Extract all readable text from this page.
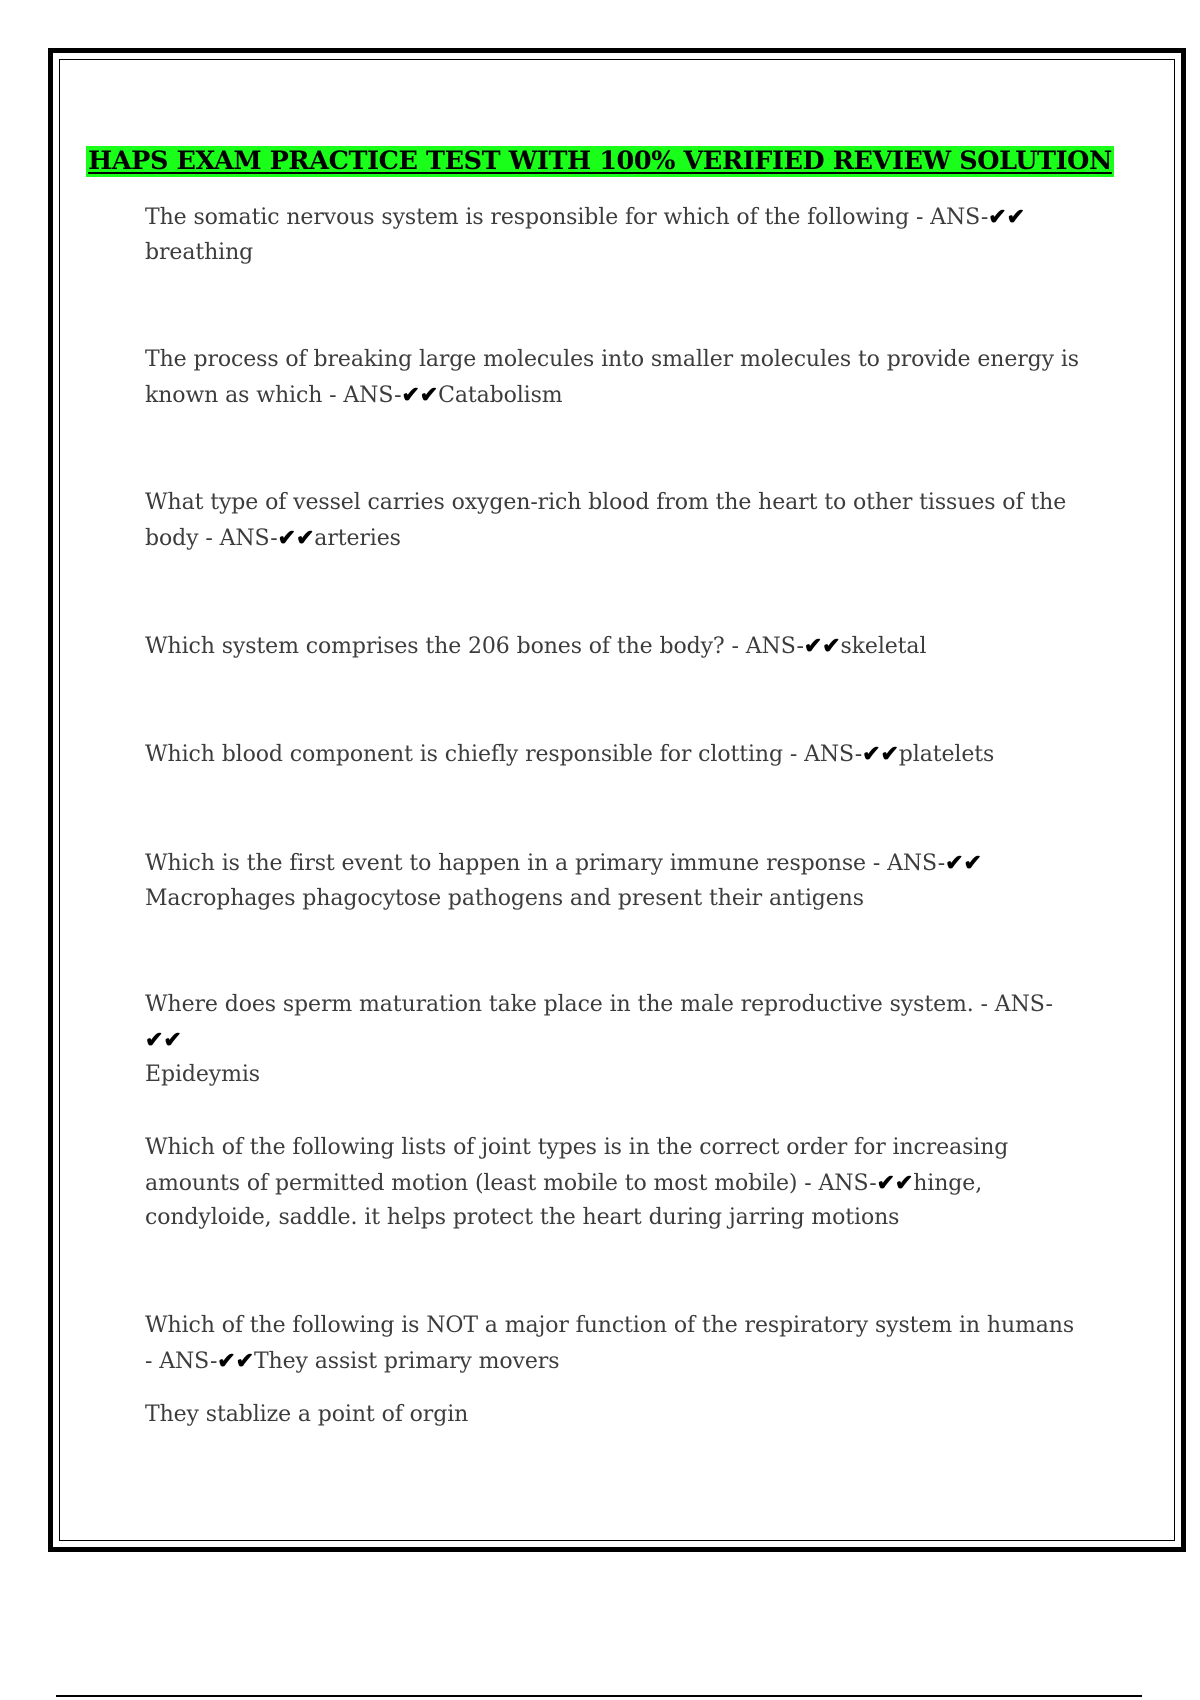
HAPS EXAM PRACTICE TEST WITH 100% VERIFIED REVIEW SOLUTION

The somatic nervous system is responsible for which of the following - ANS-✔✔
breathing

The process of breaking large molecules into smaller molecules to provide energy is known as which - ANS-✔✔Catabolism

What type of vessel carries oxygen-rich blood from the heart to other tissues of the body - ANS-✔✔arteries

Which system comprises the 206 bones of the body? - ANS-✔✔skeletal

Which blood component is chiefly responsible for clotting - ANS-✔✔platelets

Which is the first event to happen in a primary immune response - ANS-✔✔
Macrophages phagocytose pathogens and present their antigens

Where does sperm maturation take place in the male reproductive system. - ANS-✔✔
Epideymis

Which of the following lists of joint types is in the correct order for increasing amounts of permitted motion (least mobile to most mobile) - ANS-✔✔hinge, condyloide, saddle. it helps protect the heart during jarring motions

Which of the following is NOT a major function of the respiratory system in humans - ANS-✔✔They assist primary movers

They stablize a point of orgin
